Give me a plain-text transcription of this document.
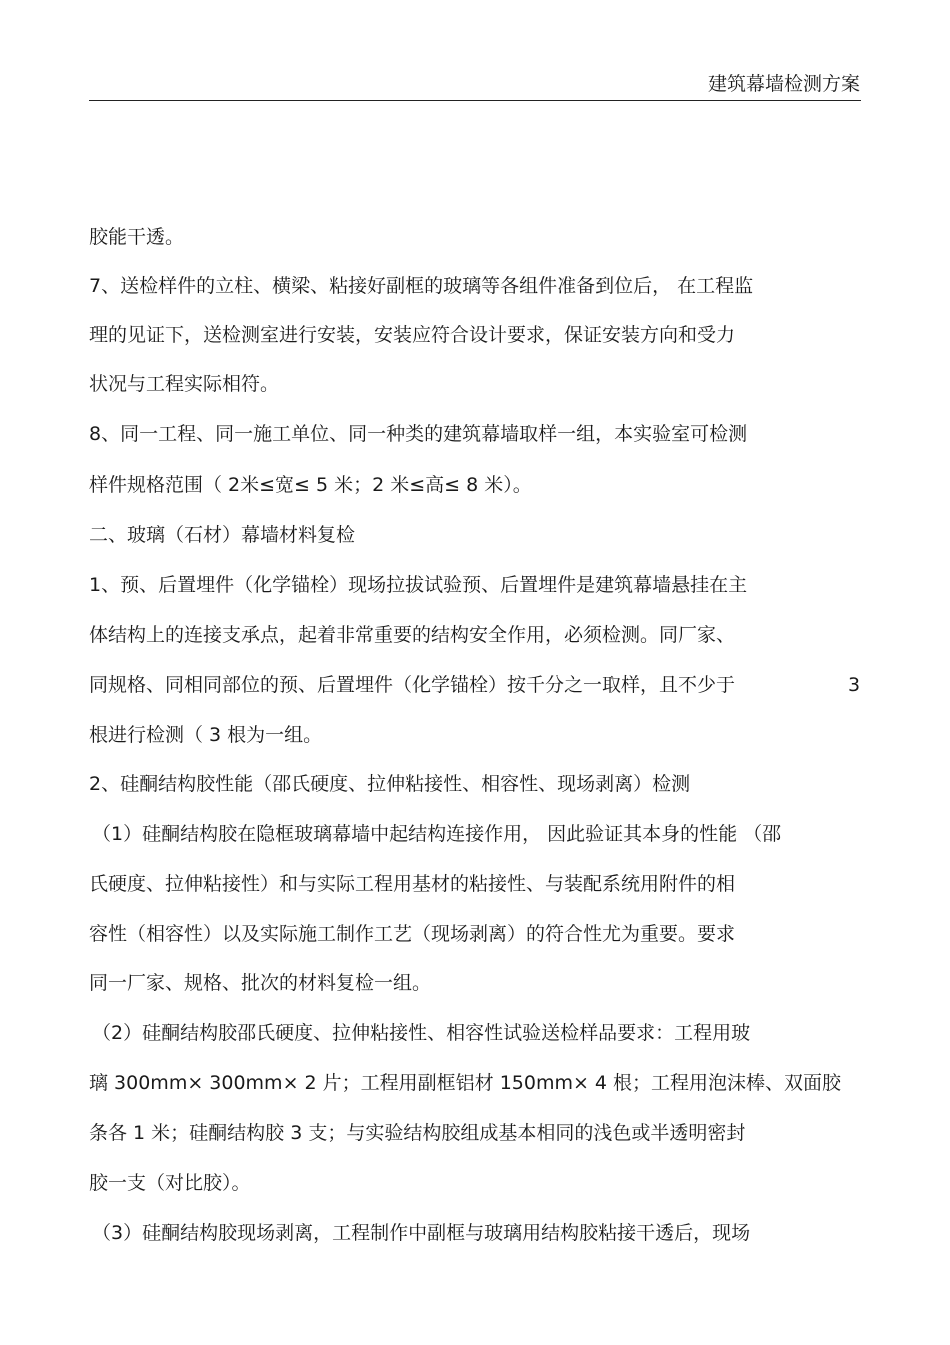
建筑幕墙检测方案
胶能干透。
7、送检样件的立柱、横梁、粘接好副框的玻璃等各组件准备到位后， 在工程监
理的见证下，送检测室进行安装，安装应符合设计要求，保证安装方向和受力
状况与工程实际相符。
8、同一工程、同一施工单位、同一种类的建筑幕墙取样一组，本实验室可检测
样件规格范围（ 2米≤宽≤ 5 米；2 米≤高≤ 8 米）。
二、玻璃（石材）幕墙材料复检
1、预、后置埋件（化学锚栓）现场拉拔试验预、后置埋件是建筑幕墙悬挂在主
体结构上的连接支承点，起着非常重要的结构安全作用，必须检测。同厂家、
同规格、同相同部位的预、后置埋件（化学锚栓）按千分之一取样，且不少于	3
根进行检测（ 3 根为一组。
2、硅酮结构胶性能（邵氏硬度、拉伸粘接性、相容性、现场剥离）检测
（1）硅酮结构胶在隐框玻璃幕墙中起结构连接作用， 因此验证其本身的性能 （邵
氏硬度、拉伸粘接性）和与实际工程用基材的粘接性、与装配系统用附件的相
容性（相容性）以及实际施工制作工艺（现场剥离）的符合性尤为重要。要求
同一厂家、规格、批次的材料复检一组。
（2）硅酮结构胶邵氏硬度、拉伸粘接性、相容性试验送检样品要求：工程用玻
璃 300mm× 300mm× 2 片；工程用副框铝材 150mm× 4 根；工程用泡沫棒、双面胶
条各 1 米；硅酮结构胶 3 支；与实验结构胶组成基本相同的浅色或半透明密封
胶一支（对比胶）。
（3）硅酮结构胶现场剥离，工程制作中副框与玻璃用结构胶粘接干透后，现场
